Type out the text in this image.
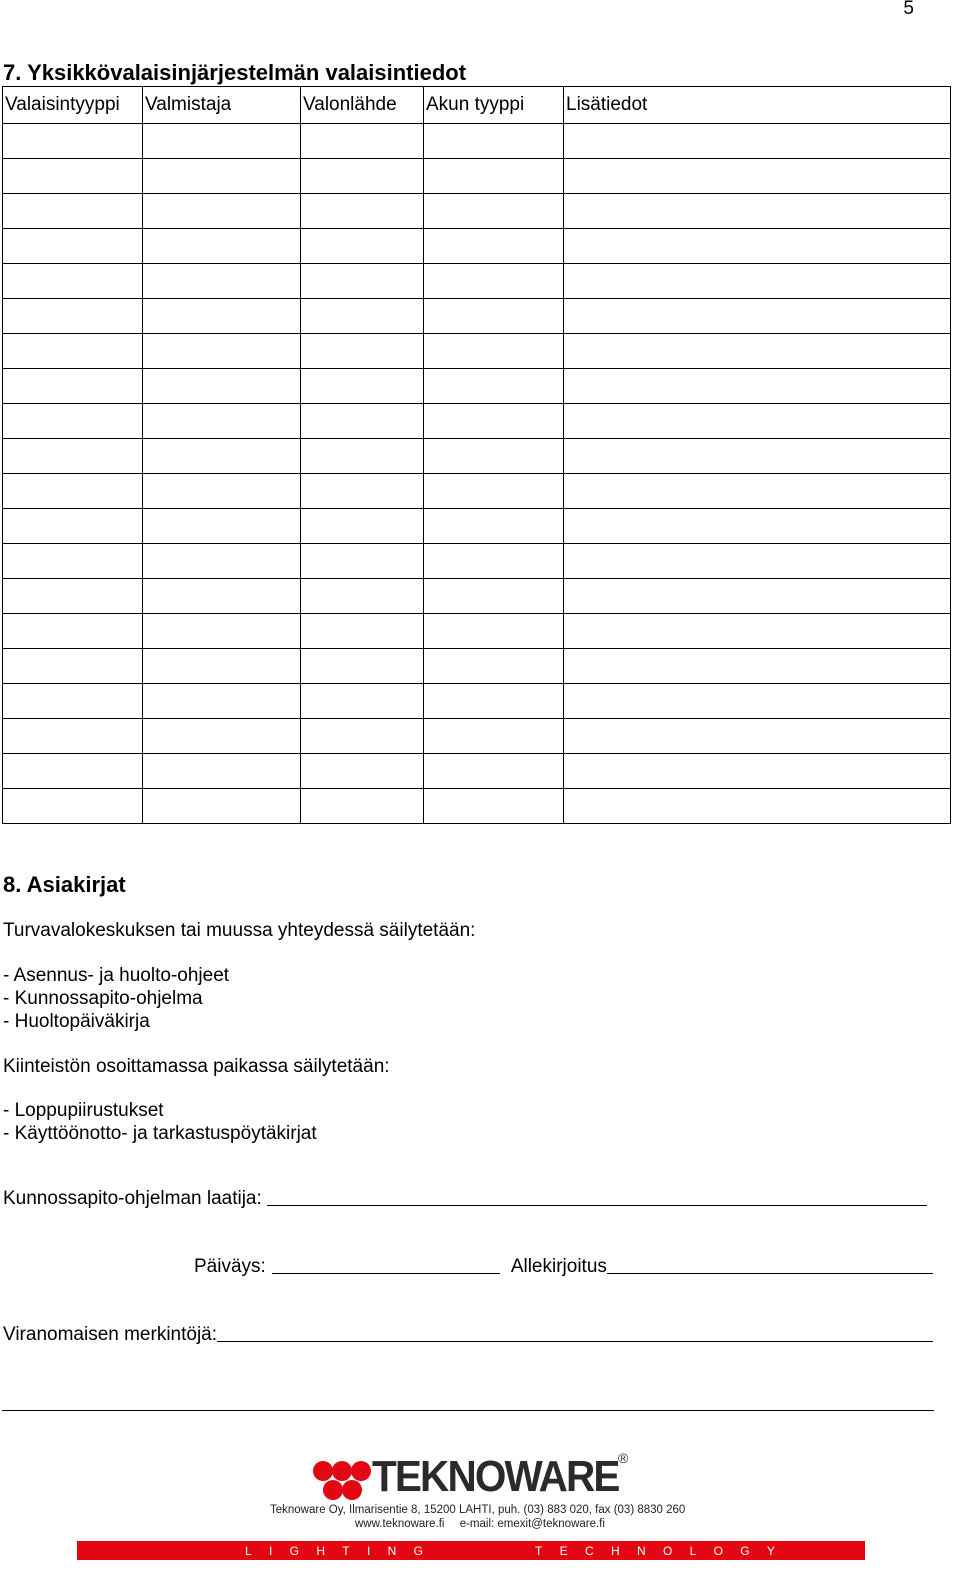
5
7. Yksikkövalaisinjärjestelmän valaisintiedot
Valaisintyyppi	Valmistaja	Valonlähde	Akun tyyppi	Lisätiedot

8. Asiakirjat
Turvavalokeskuksen tai muussa yhteydessä säilytetään:
- Asennus- ja huolto-ohjeet
- Kunnossapito-ohjelma
- Huoltopäiväkirja
Kiinteistön osoittamassa paikassa säilytetään:
- Loppupiirustukset
- Käyttöönotto- ja tarkastuspöytäkirjat
Kunnossapito-ohjelman laatija:
Päiväys:	Allekirjoitus
Viranomaisen merkintöjä:
TEKNOWARE ®
Teknoware Oy, Ilmarisentie 8, 15200 LAHTI, puh. (03) 883 020, fax (03) 8830 260
www.teknoware.fi e-mail: emexit@teknoware.fi
L I G H T I N G	T E C H N O L O G Y
